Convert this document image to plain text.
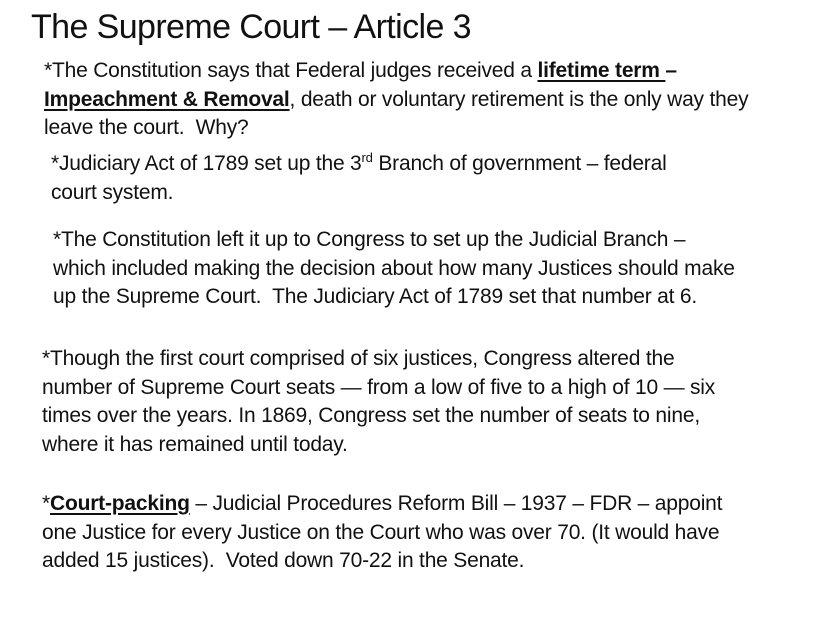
The Supreme Court – Article 3

*The Constitution says that Federal judges received a lifetime term –
Impeachment & Removal, death or voluntary retirement is the only way they
leave the court.  Why?

*Judiciary Act of 1789 set up the 3rd Branch of government – federal
court system.

*The Constitution left it up to Congress to set up the Judicial Branch –
which included making the decision about how many Justices should make
up the Supreme Court.  The Judiciary Act of 1789 set that number at 6.

*Though the first court comprised of six justices, Congress altered the
number of Supreme Court seats — from a low of five to a high of 10 — six
times over the years. In 1869, Congress set the number of seats to nine,
where it has remained until today.

*Court-packing – Judicial Procedures Reform Bill – 1937 – FDR – appoint
one Justice for every Justice on the Court who was over 70. (It would have
added 15 justices).  Voted down 70-22 in the Senate.
